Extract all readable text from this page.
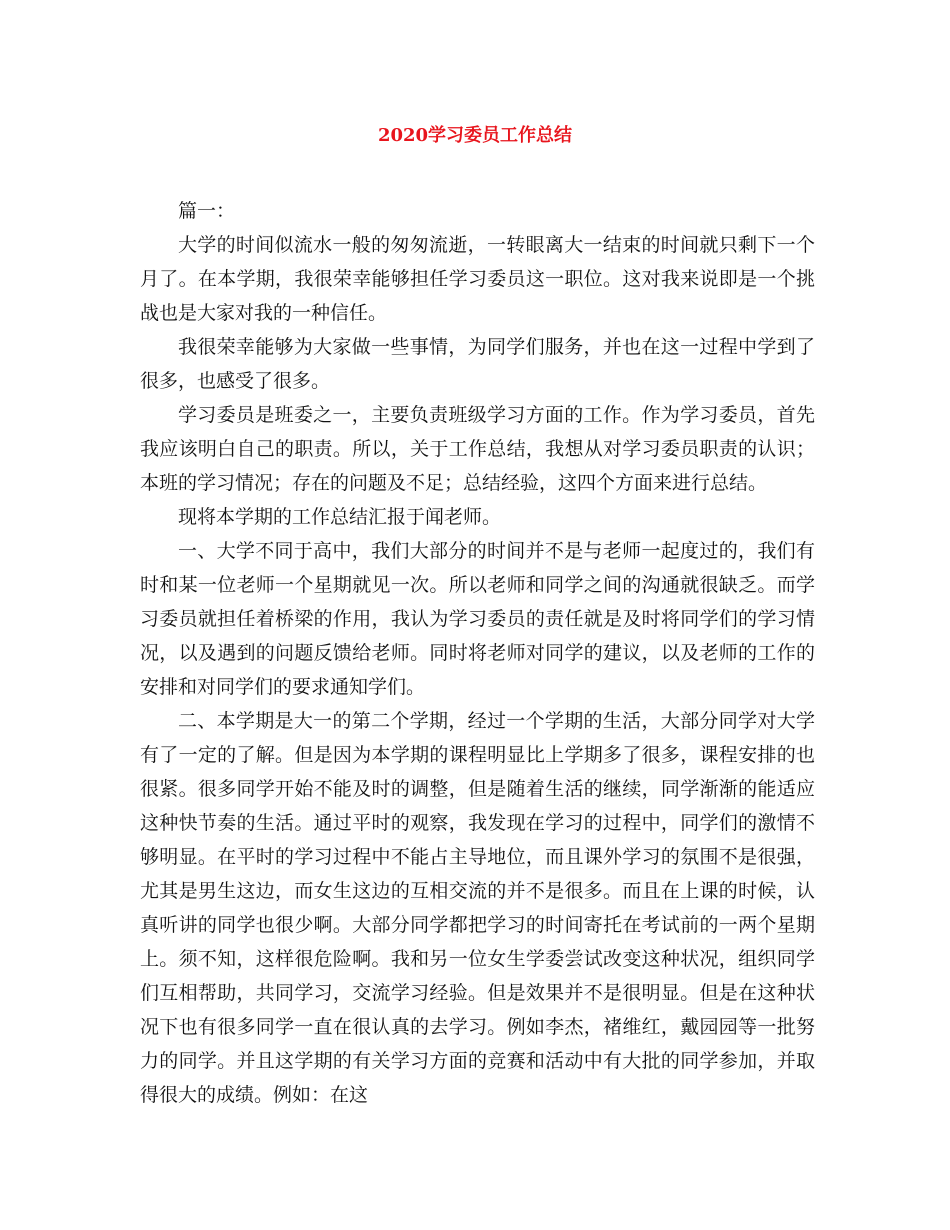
2020学习委员工作总结

篇一：

大学的时间似流水一般的匆匆流逝，一转眼离大一结束的时间就只剩下一个月了。在本学期，我很荣幸能够担任学习委员这一职位。这对我来说即是一个挑战也是大家对我的一种信任。

我很荣幸能够为大家做一些事情，为同学们服务，并也在这一过程中学到了很多，也感受了很多。

学习委员是班委之一，主要负责班级学习方面的工作。作为学习委员，首先我应该明白自己的职责。所以，关于工作总结，我想从对学习委员职责的认识；本班的学习情况；存在的问题及不足；总结经验，这四个方面来进行总结。

现将本学期的工作总结汇报于闻老师。

一、大学不同于高中，我们大部分的时间并不是与老师一起度过的，我们有时和某一位老师一个星期就见一次。所以老师和同学之间的沟通就很缺乏。而学习委员就担任着桥梁的作用，我认为学习委员的责任就是及时将同学们的学习情况，以及遇到的问题反馈给老师。同时将老师对同学的建议，以及老师的工作的安排和对同学们的要求通知学们。

二、本学期是大一的第二个学期，经过一个学期的生活，大部分同学对大学有了一定的了解。但是因为本学期的课程明显比上学期多了很多，课程安排的也很紧。很多同学开始不能及时的调整，但是随着生活的继续，同学渐渐的能适应这种快节奏的生活。通过平时的观察，我发现在学习的过程中，同学们的激情不够明显。在平时的学习过程中不能占主导地位，而且课外学习的氛围不是很强，尤其是男生这边，而女生这边的互相交流的并不是很多。而且在上课的时候，认真听讲的同学也很少啊。大部分同学都把学习的时间寄托在考试前的一两个星期上。须不知，这样很危险啊。我和另一位女生学委尝试改变这种状况，组织同学们互相帮助，共同学习，交流学习经验。但是效果并不是很明显。但是在这种状况下也有很多同学一直在很认真的去学习。例如李杰，褚维红，戴园园等一批努力的同学。并且这学期的有关学习方面的竞赛和活动中有大批的同学参加，并取得很大的成绩。例如：在这
